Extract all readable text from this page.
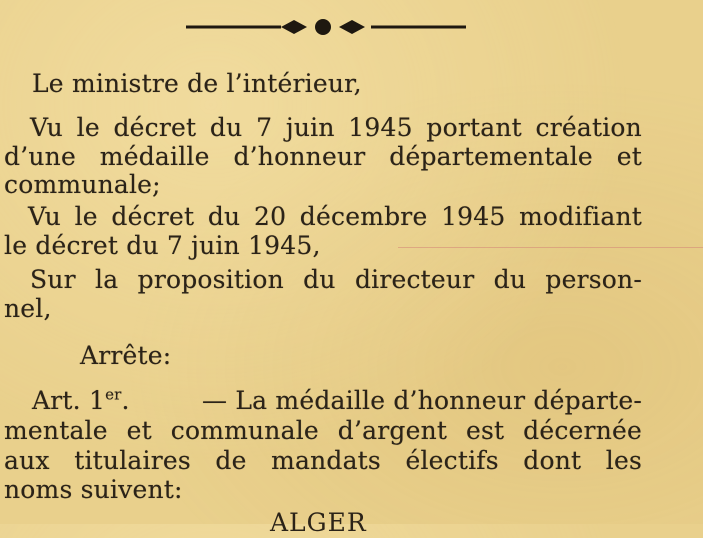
Le ministre de l’intérieur,
Vu le décret du 7 juin 1945 portant création
d’une médaille d’honneur départementale et
communale;
Vu le décret du 20 décembre 1945 modifiant
le décret du 7 juin 1945,
Sur la proposition du directeur du person-
nel,
Arrête:
Art. 1er.	— La médaille d’honneur départe-
mentale et communale d’argent est décernée
aux titulaires de mandats électifs dont les
noms suivent:
ALGER
